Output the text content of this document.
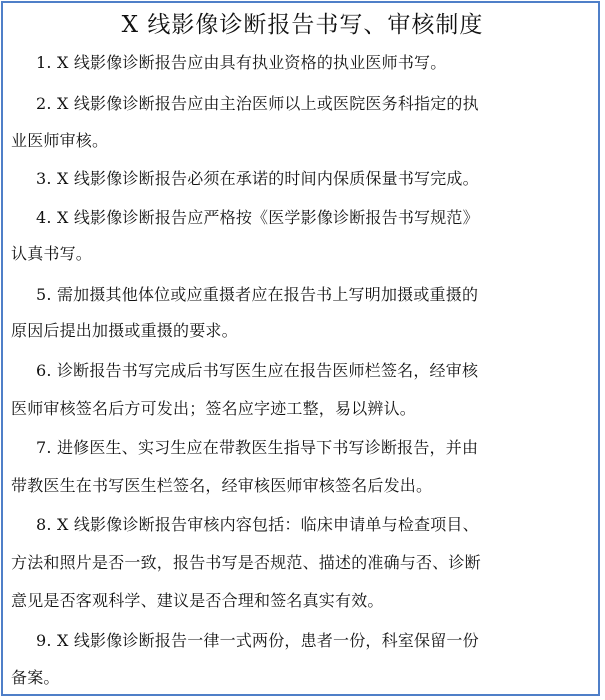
X 线影像诊断报告书写、审核制度
1. X 线影像诊断报告应由具有执业资格的执业医师书写。
2. X 线影像诊断报告应由主治医师以上或医院医务科指定的执
业医师审核。
3. X 线影像诊断报告必须在承诺的时间内保质保量书写完成。
4. X 线影像诊断报告应严格按《医学影像诊断报告书写规范》
认真书写。
5. 需加摄其他体位或应重摄者应在报告书上写明加摄或重摄的
原因后提出加摄或重摄的要求。
6. 诊断报告书写完成后书写医生应在报告医师栏签名，经审核
医师审核签名后方可发出；签名应字迹工整，易以辨认。
7. 进修医生、实习生应在带教医生指导下书写诊断报告，并由
带教医生在书写医生栏签名，经审核医师审核签名后发出。
8. X 线影像诊断报告审核内容包括：临床申请单与检查项目、
方法和照片是否一致，报告书写是否规范、描述的准确与否、诊断
意见是否客观科学、建议是否合理和签名真实有效。
9. X 线影像诊断报告一律一式两份，患者一份，科室保留一份
备案。
